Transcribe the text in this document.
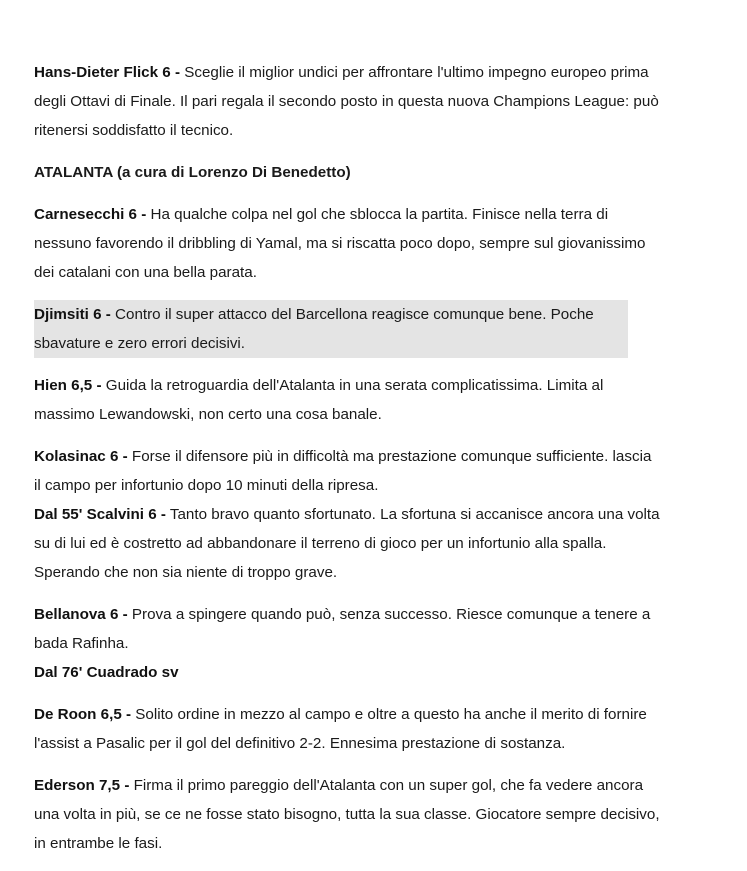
Hans-Dieter Flick 6 - Sceglie il miglior undici per affrontare l'ultimo impegno europeo prima
degli Ottavi di Finale. Il pari regala il secondo posto in questa nuova Champions League: può
ritenersi soddisfatto il tecnico.

ATALANTA (a cura di Lorenzo Di Benedetto)

Carnesecchi 6 - Ha qualche colpa nel gol che sblocca la partita. Finisce nella terra di
nessuno favorendo il dribbling di Yamal, ma si riscatta poco dopo, sempre sul giovanissimo
dei catalani con una bella parata.

Djimsiti 6 - Contro il super attacco del Barcellona reagisce comunque bene. Poche
sbavature e zero errori decisivi.

Hien 6,5 - Guida la retroguardia dell'Atalanta in una serata complicatissima. Limita al
massimo Lewandowski, non certo una cosa banale.

Kolasinac 6 - Forse il difensore più in difficoltà ma prestazione comunque sufficiente. lascia
il campo per infortunio dopo 10 minuti della ripresa.

Dal 55' Scalvini 6 - Tanto bravo quanto sfortunato. La sfortuna si accanisce ancora una volta
su di lui ed è costretto ad abbandonare il terreno di gioco per un infortunio alla spalla.
Sperando che non sia niente di troppo grave.

Bellanova 6 - Prova a spingere quando può, senza successo. Riesce comunque a tenere a
bada Rafinha.

Dal 76' Cuadrado sv

De Roon 6,5 - Solito ordine in mezzo al campo e oltre a questo ha anche il merito di fornire
l'assist a Pasalic per il gol del definitivo 2-2. Ennesima prestazione di sostanza.

Ederson 7,5 - Firma il primo pareggio dell'Atalanta con un super gol, che fa vedere ancora
una volta in più, se ce ne fosse stato bisogno, tutta la sua classe. Giocatore sempre decisivo,
in entrambe le fasi.
